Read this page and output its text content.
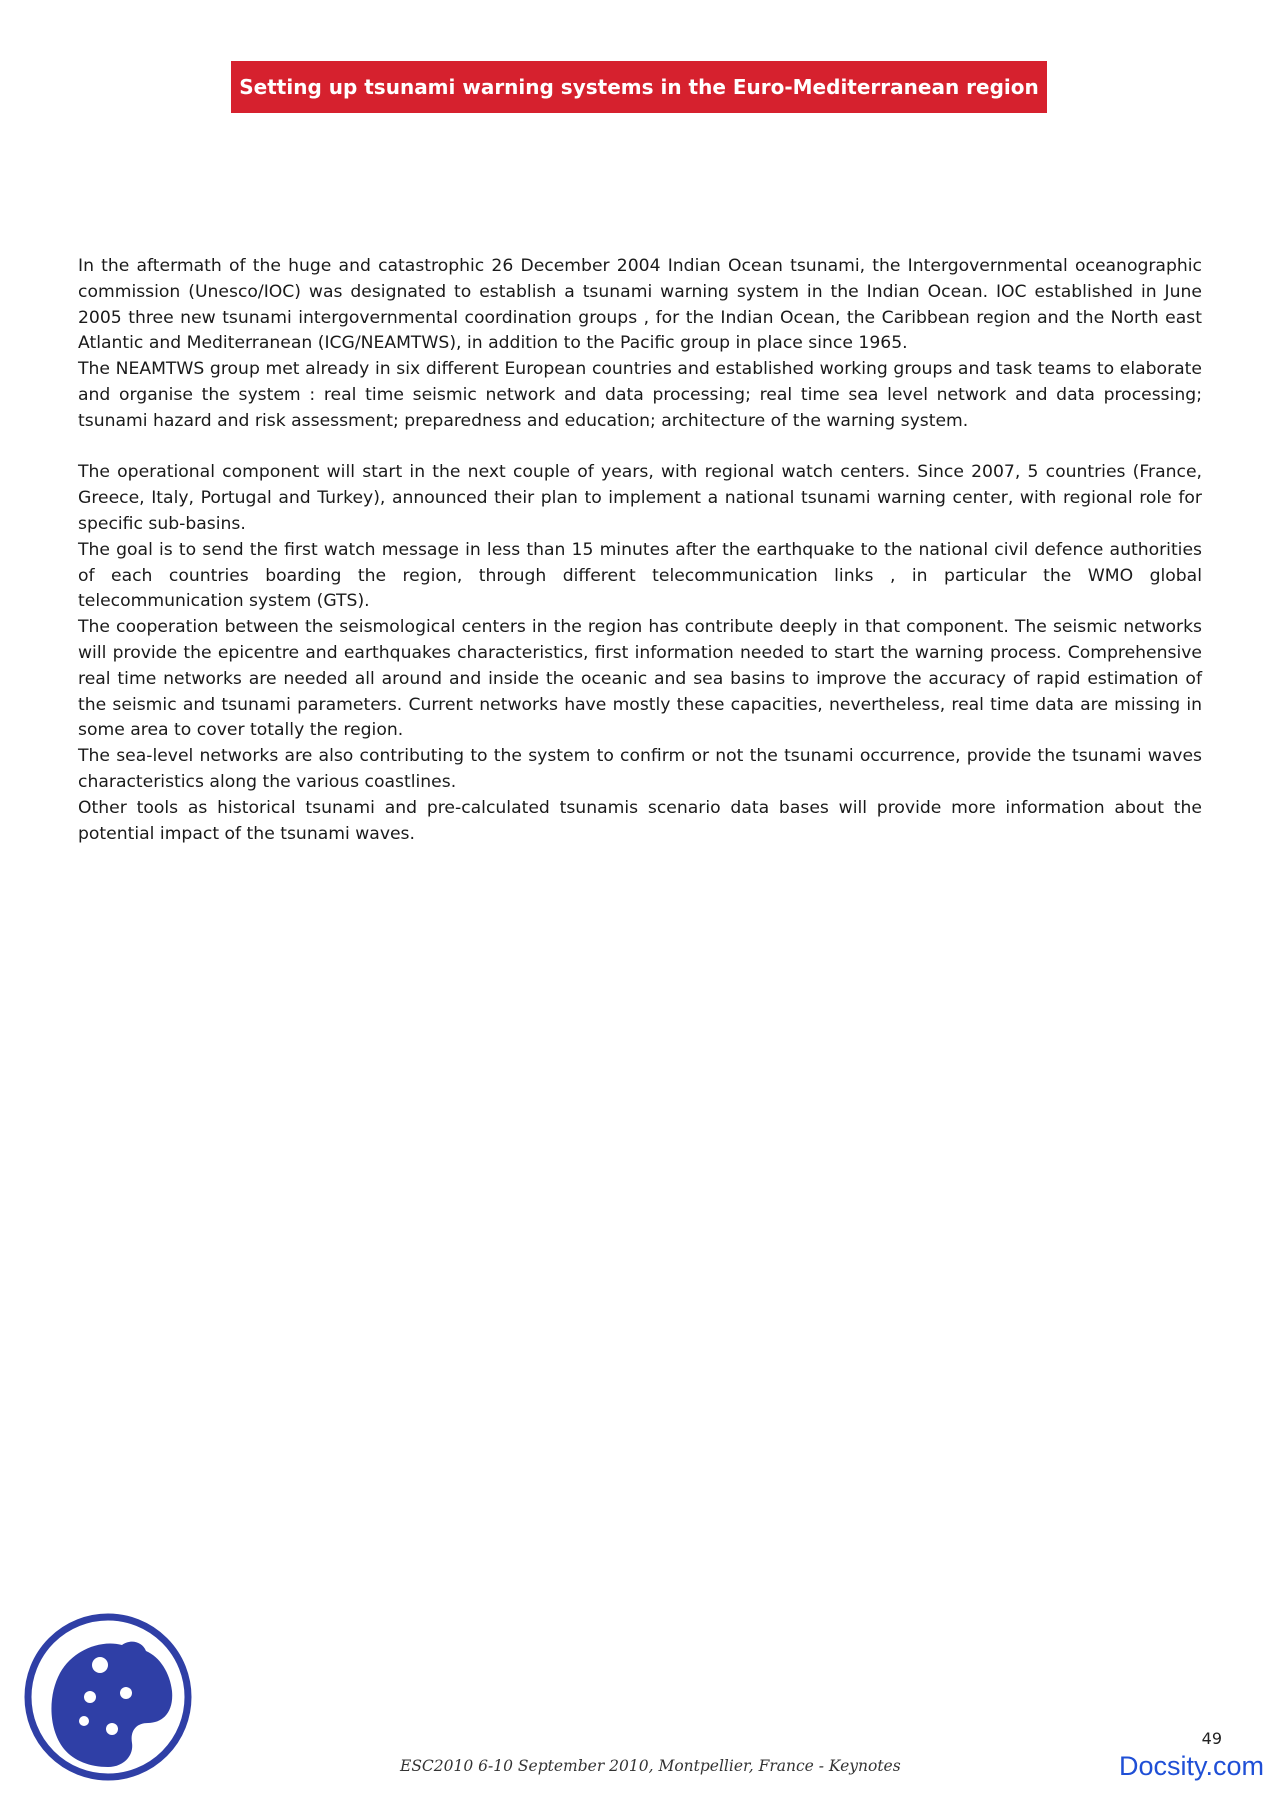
Setting up tsunami warning systems in the Euro-Mediterranean region

In the aftermath of the huge and catastrophic 26 December 2004 Indian Ocean tsunami, the Intergovernmental oceanographic commission (Unesco/IOC) was designated to establish a tsunami warning system in the Indian Ocean. IOC established in June 2005 three new tsunami intergovernmental coordination groups , for the Indian Ocean, the Caribbean region and the North east Atlantic and Mediterranean (ICG/NEAMTWS), in addition to the Pacific group in place since 1965.

The NEAMTWS group met already in six different European countries and established working groups and task teams to elaborate and organise the system : real time seismic network and data processing; real time sea level network and data processing; tsunami hazard and risk assessment; preparedness and education; architecture of the warning system.

The operational component will start in the next couple of years, with regional watch centers. Since 2007, 5 countries (France, Greece, Italy, Portugal and Turkey), announced their plan to implement a national tsunami warning center, with regional role for specific sub-basins.

The goal is to send the first watch message in less than 15 minutes after the earthquake to the national civil defence authorities of each countries boarding the region, through different telecommunication links , in particular the WMO global telecommunication system (GTS).

The cooperation between the seismological centers in the region has contribute deeply in that component. The seismic networks will provide the epicentre and earthquakes characteristics, first information needed to start the warning process. Comprehensive real time networks are needed all around and inside the oceanic and sea basins to improve the accuracy of rapid estimation of the seismic and tsunami parameters. Current networks have mostly these capacities, nevertheless, real time data are missing in some area to cover totally the region.

The sea-level networks are also contributing to the system to confirm or not the tsunami occurrence, provide the tsunami waves characteristics along the various coastlines.

Other tools as historical tsunami and pre-calculated tsunamis scenario data bases will provide more information about the potential impact of the tsunami waves.

49
ESC2010 6-10 September 2010, Montpellier, France - Keynotes	Docsity.com
